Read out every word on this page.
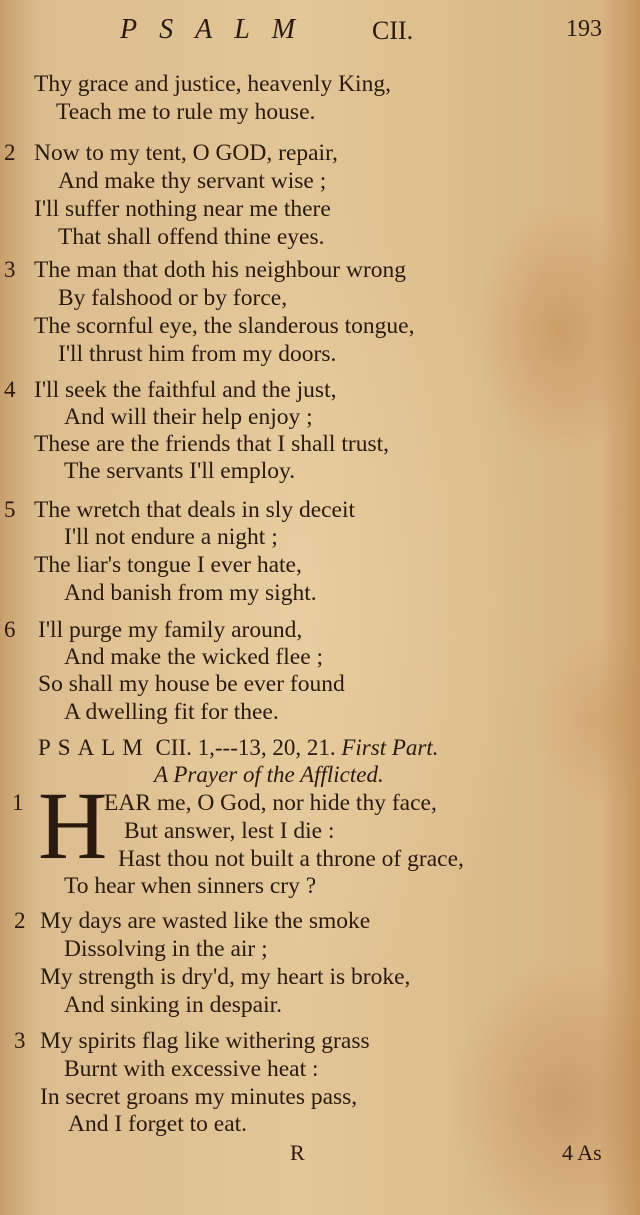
PSALM CII.	193
Thy grace and justice, heavenly King,
Teach me to rule my house.
2 Now to my tent, O GOD, repair,
And make thy servant wise ;
I'll suffer nothing near me there
That shall offend thine eyes.
3 The man that doth his neighbour wrong
By falshood or by force,
The scornful eye, the slanderous tongue,
I'll thrust him from my doors.
4 I'll seek the faithful and the just,
And will their help enjoy ;
These are the friends that I shall trust,
The servants I'll employ.
5 The wretch that deals in sly deceit
I'll not endure a night ;
The liar's tongue I ever hate,
And banish from my sight.
6 I'll purge my family around,
And make the wicked flee ;
So shall my house be ever found
A dwelling fit for thee.
PSALM CII. 1,---13, 20, 21. First Part.
A Prayer of the Afflicted.
1 H
EAR me, O God, nor hide thy face,
But answer, lest I die :
Hast thou not built a throne of grace,
To hear when sinners cry ?
2 My days are wasted like the smoke
Dissolving in the air ;
My strength is dry'd, my heart is broke,
And sinking in despair.
3 My spirits flag like withering grass
Burnt with excessive heat :
In secret groans my minutes pass,
And I forget to eat.
R	4 As
